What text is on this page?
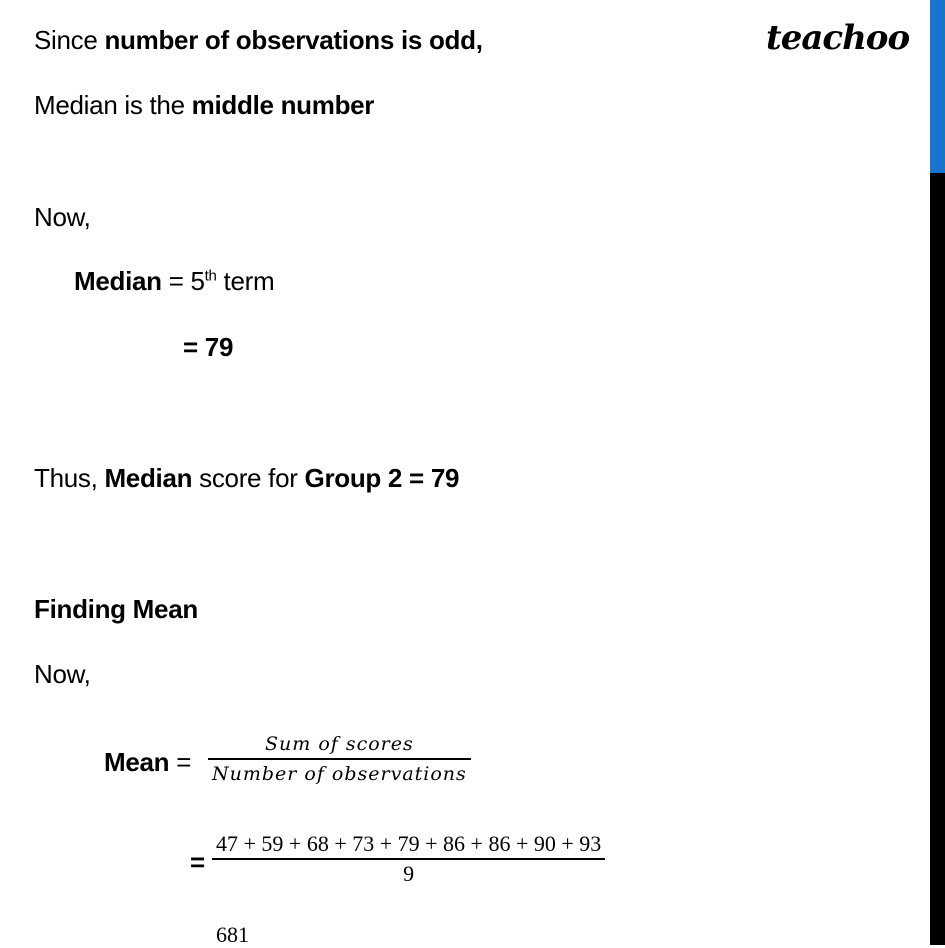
teachoo
Since number of observations is odd,
Median is the middle number
Now,
Median = 5th term
= 79
Thus, Median score for Group 2 = 79
Finding Mean
Now,
Mean =
Sum of scores
Number of observations
=
47 + 59 + 68 + 73 + 79 + 86 + 86 + 90 + 93
9
681
